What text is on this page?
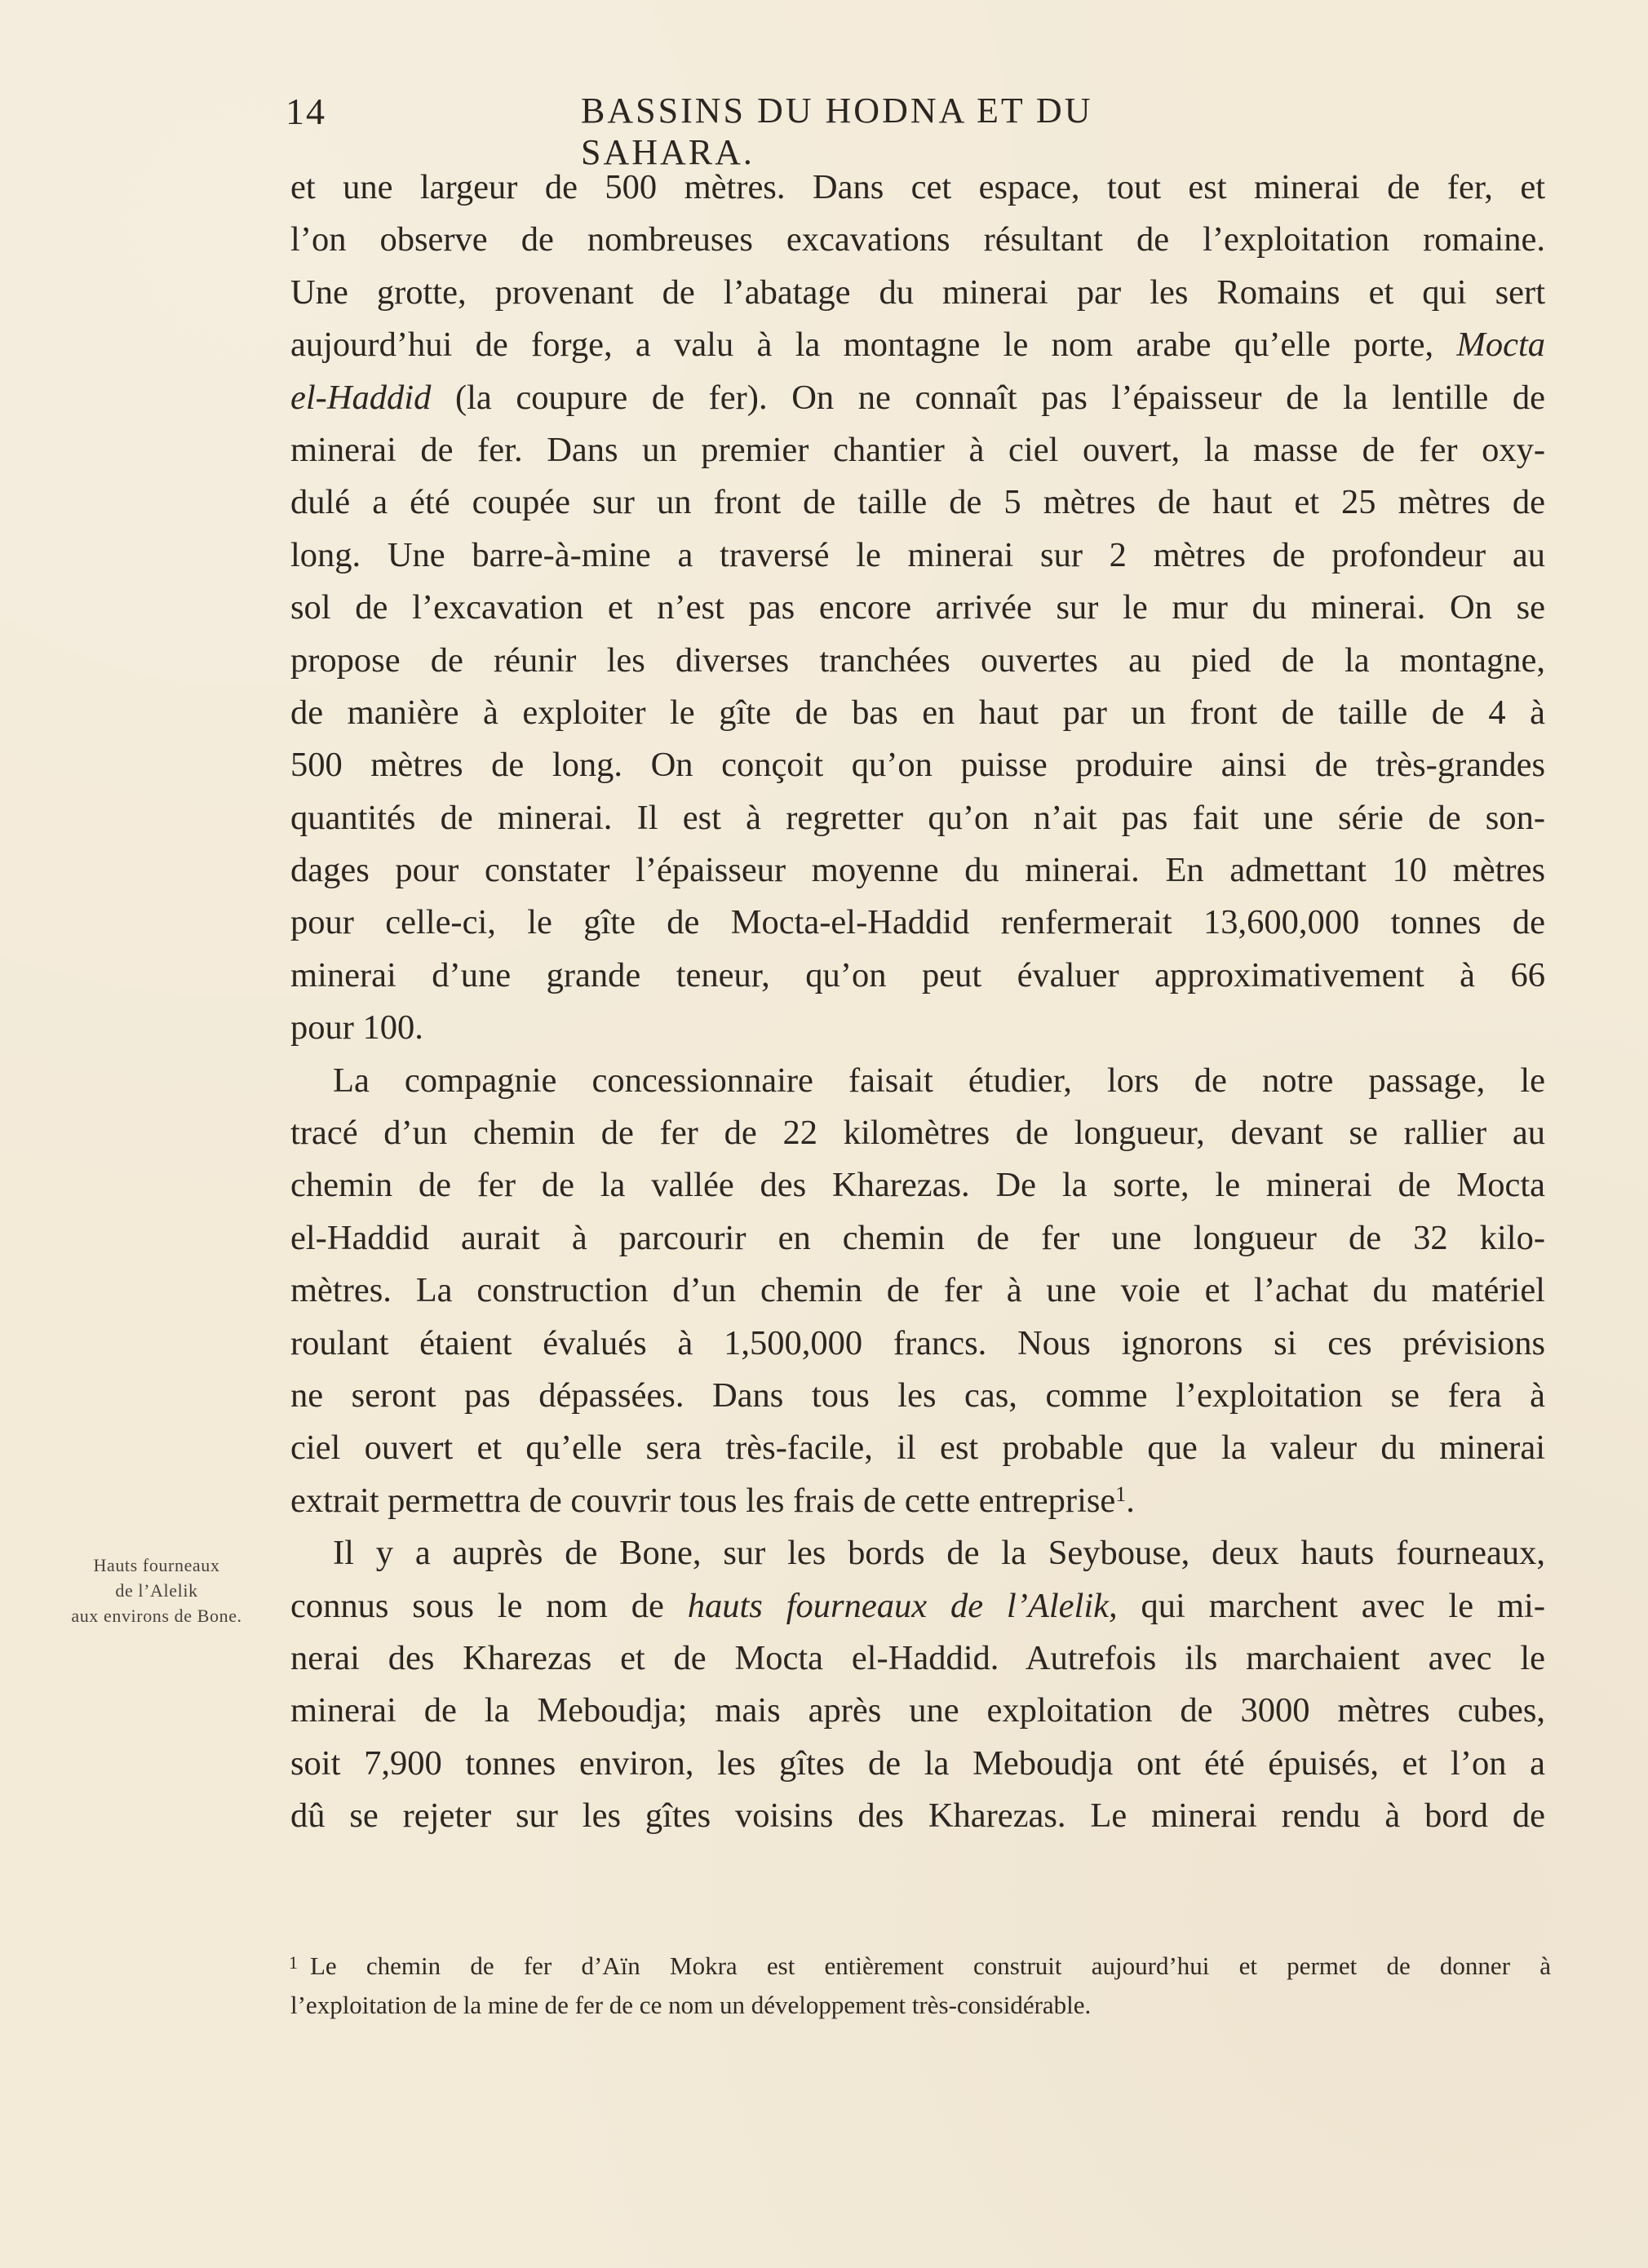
14	BASSINS DU HODNA ET DU SAHARA.
Hauts fourneaux
de l’Alelik
aux environs de Bone.
et une largeur de 500 mètres. Dans cet espace, tout est minerai de fer, et
l’on observe de nombreuses excavations résultant de l’exploitation romaine.
Une grotte, provenant de l’abatage du minerai par les Romains et qui sert
aujourd’hui de forge, a valu à la montagne le nom arabe qu’elle porte, Mocta
el-Haddid (la coupure de fer). On ne connaît pas l’épaisseur de la lentille de
minerai de fer. Dans un premier chantier à ciel ouvert, la masse de fer oxy-
dulé a été coupée sur un front de taille de 5 mètres de haut et 25 mètres de
long. Une barre-à-mine a traversé le minerai sur 2 mètres de profondeur au
sol de l’excavation et n’est pas encore arrivée sur le mur du minerai. On se
propose de réunir les diverses tranchées ouvertes au pied de la montagne,
de manière à exploiter le gîte de bas en haut par un front de taille de 4 à
500 mètres de long. On conçoit qu’on puisse produire ainsi de très-grandes
quantités de minerai. Il est à regretter qu’on n’ait pas fait une série de son-
dages pour constater l’épaisseur moyenne du minerai. En admettant 10 mètres
pour celle-ci, le gîte de Mocta-el-Haddid renfermerait 13,600,000 tonnes de
minerai d’une grande teneur, qu’on peut évaluer approximativement à 66
pour 100.
La compagnie concessionnaire faisait étudier, lors de notre passage, le
tracé d’un chemin de fer de 22 kilomètres de longueur, devant se rallier au
chemin de fer de la vallée des Kharezas. De la sorte, le minerai de Mocta
el-Haddid aurait à parcourir en chemin de fer une longueur de 32 kilo-
mètres. La construction d’un chemin de fer à une voie et l’achat du matériel
roulant étaient évalués à 1,500,000 francs. Nous ignorons si ces prévisions
ne seront pas dépassées. Dans tous les cas, comme l’exploitation se fera à
ciel ouvert et qu’elle sera très-facile, il est probable que la valeur du minerai
extrait permettra de couvrir tous les frais de cette entreprise$^1$.
Il y a auprès de Bone, sur les bords de la Seybouse, deux hauts fourneaux,
connus sous le nom de hauts fourneaux de l’Alelik, qui marchent avec le mi-
nerai des Kharezas et de Mocta el-Haddid. Autrefois ils marchaient avec le
minerai de la Meboudja; mais après une exploitation de 3000 mètres cubes,
soit 7,900 tonnes environ, les gîtes de la Meboudja ont été épuisés, et l’on a
dû se rejeter sur les gîtes voisins des Kharezas. Le minerai rendu à bord de
1 Le chemin de fer d’Aïn Mokra est entièrement construit aujourd’hui et permet de donner à
l’exploitation de la mine de fer de ce nom un développement très-considérable.
